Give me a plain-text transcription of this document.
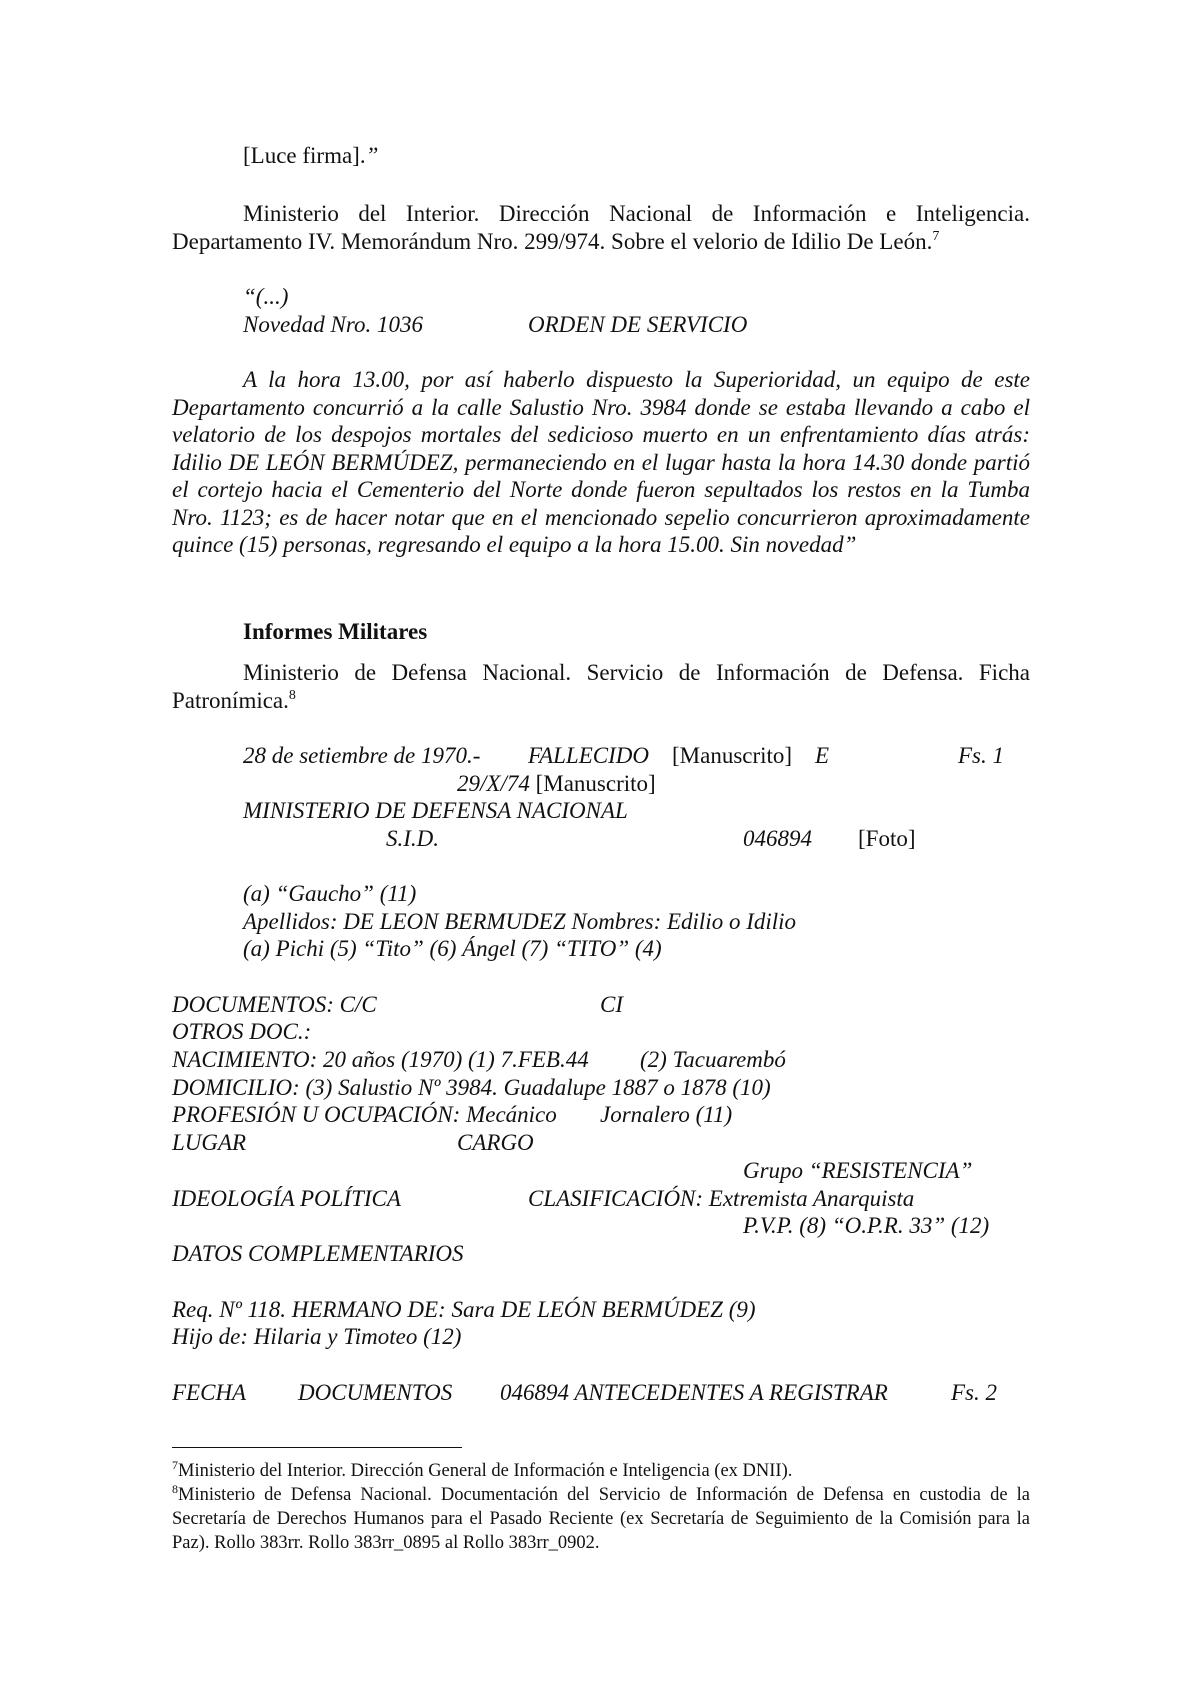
[Luce firma].”

Ministerio del Interior. Dirección Nacional de Información e Inteligencia. Departamento IV. Memorándum Nro. 299/974. Sobre el velorio de Idilio De León.$^7$

“(...)
Novedad Nro. 1036	ORDEN DE SERVICIO

A la hora 13.00, por así haberlo dispuesto la Superioridad, un equipo de este Departamento concurrió a la calle Salustio Nro. 3984 donde se estaba llevando a cabo el velatorio de los despojos mortales del sedicioso muerto en un enfrentamiento días atrás: Idilio DE LEÓN BERMÚDEZ, permaneciendo en el lugar hasta la hora 14.30 donde partió el cortejo hacia el Cementerio del Norte donde fueron sepultados los restos en la Tumba Nro. 1123; es de hacer notar que en el mencionado sepelio concurrieron aproximadamente quince (15) personas, regresando el equipo a la hora 15.00. Sin novedad”

Informes Militares

Ministerio de Defensa Nacional. Servicio de Información de Defensa. Ficha Patronímica.$^8$

28 de setiembre de 1970.- FALLECIDO [Manuscrito] E	Fs. 1
29/X/74 [Manuscrito]
MINISTERIO DE DEFENSA NACIONAL
S.I.D.	046894 [Foto]
(a) “Gaucho” (11)
Apellidos: DE LEON BERMUDEZ Nombres: Edilio o Idilio
(a) Pichi (5) “Tito” (6) Ángel (7) “TITO” (4)
DOCUMENTOS: C/C	CI
OTROS DOC.:
NACIMIENTO: 20 años (1970) (1) 7.FEB.44 (2) Tacuarembó
DOMICILIO: (3) Salustio Nº 3984. Guadalupe 1887 o 1878 (10)
PROFESIÓN U OCUPACIÓN: Mecánico Jornalero (11)
LUGAR	CARGO
Grupo “RESISTENCIA”
IDEOLOGÍA POLÍTICA	CLASIFICACIÓN: Extremista Anarquista
P.V.P. (8) “O.P.R. 33” (12)
DATOS COMPLEMENTARIOS
Req. Nº 118. HERMANO DE: Sara DE LEÓN BERMÚDEZ (9)
Hijo de: Hilaria y Timoteo (12)
FECHA DOCUMENTOS 046894 ANTECEDENTES A REGISTRAR	Fs. 2
$^7$Ministerio del Interior. Dirección General de Información e Inteligencia (ex DNII).
$^8$Ministerio de Defensa Nacional. Documentación del Servicio de Información de Defensa en custodia de la Secretaría de Derechos Humanos para el Pasado Reciente (ex Secretaría de Seguimiento de la Comisión para la Paz). Rollo 383rr. Rollo 383rr_0895 al Rollo 383rr_0902.
